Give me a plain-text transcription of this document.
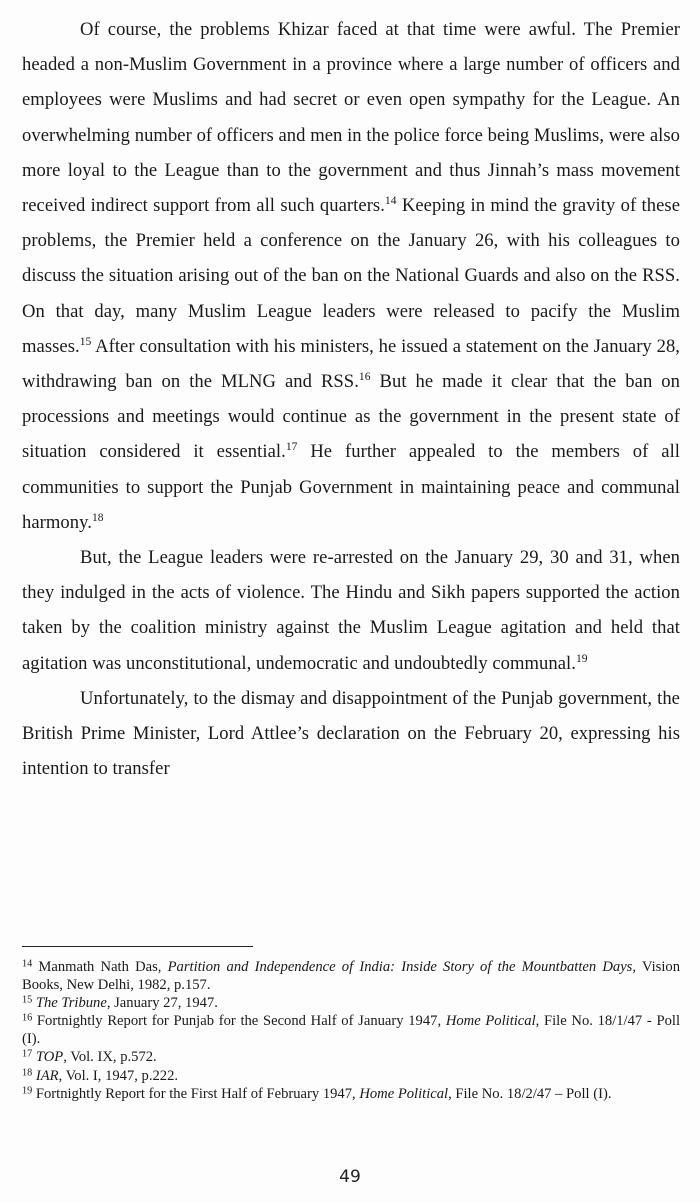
Of course, the problems Khizar faced at that time were awful. The Premier headed a non-Muslim Government in a province where a large number of officers and employees were Muslims and had secret or even open sympathy for the League. An overwhelming number of officers and men in the police force being Muslims, were also more loyal to the League than to the government and thus Jinnah’s mass movement received indirect support from all such quarters.$^{14}$ Keeping in mind the gravity of these problems, the Premier held a conference on the January 26, with his colleagues to discuss the situation arising out of the ban on the National Guards and also on the RSS. On that day, many Muslim League leaders were released to pacify the Muslim masses.$^{15}$ After consultation with his ministers, he issued a statement on the January 28, withdrawing ban on the MLNG and RSS.$^{16}$ But he made it clear that the ban on processions and meetings would continue as the government in the present state of situation considered it essential.$^{17}$ He further appealed to the members of all communities to support the Punjab Government in maintaining peace and communal harmony.$^{18}$

But, the League leaders were re-arrested on the January 29, 30 and 31, when they indulged in the acts of violence. The Hindu and Sikh papers supported the action taken by the coalition ministry against the Muslim League agitation and held that agitation was unconstitutional, undemocratic and undoubtedly communal.$^{19}$

Unfortunately, to the dismay and disappointment of the Punjab government, the British Prime Minister, Lord Attlee’s declaration on the February 20, expressing his intention to transfer

$^{14}$ Manmath Nath Das, Partition and Independence of India: Inside Story of the Mountbatten Days, Vision Books, New Delhi, 1982, p.157.

$^{15}$ The Tribune, January 27, 1947.

$^{16}$ Fortnightly Report for Punjab for the Second Half of January 1947, Home Political, File No. 18/1/47 - Poll (I).

$^{17}$ TOP, Vol. IX, p.572.

$^{18}$ IAR, Vol. I, 1947, p.222.

$^{19}$ Fortnightly Report for the First Half of February 1947, Home Political, File No. 18/2/47 – Poll (I).

49
